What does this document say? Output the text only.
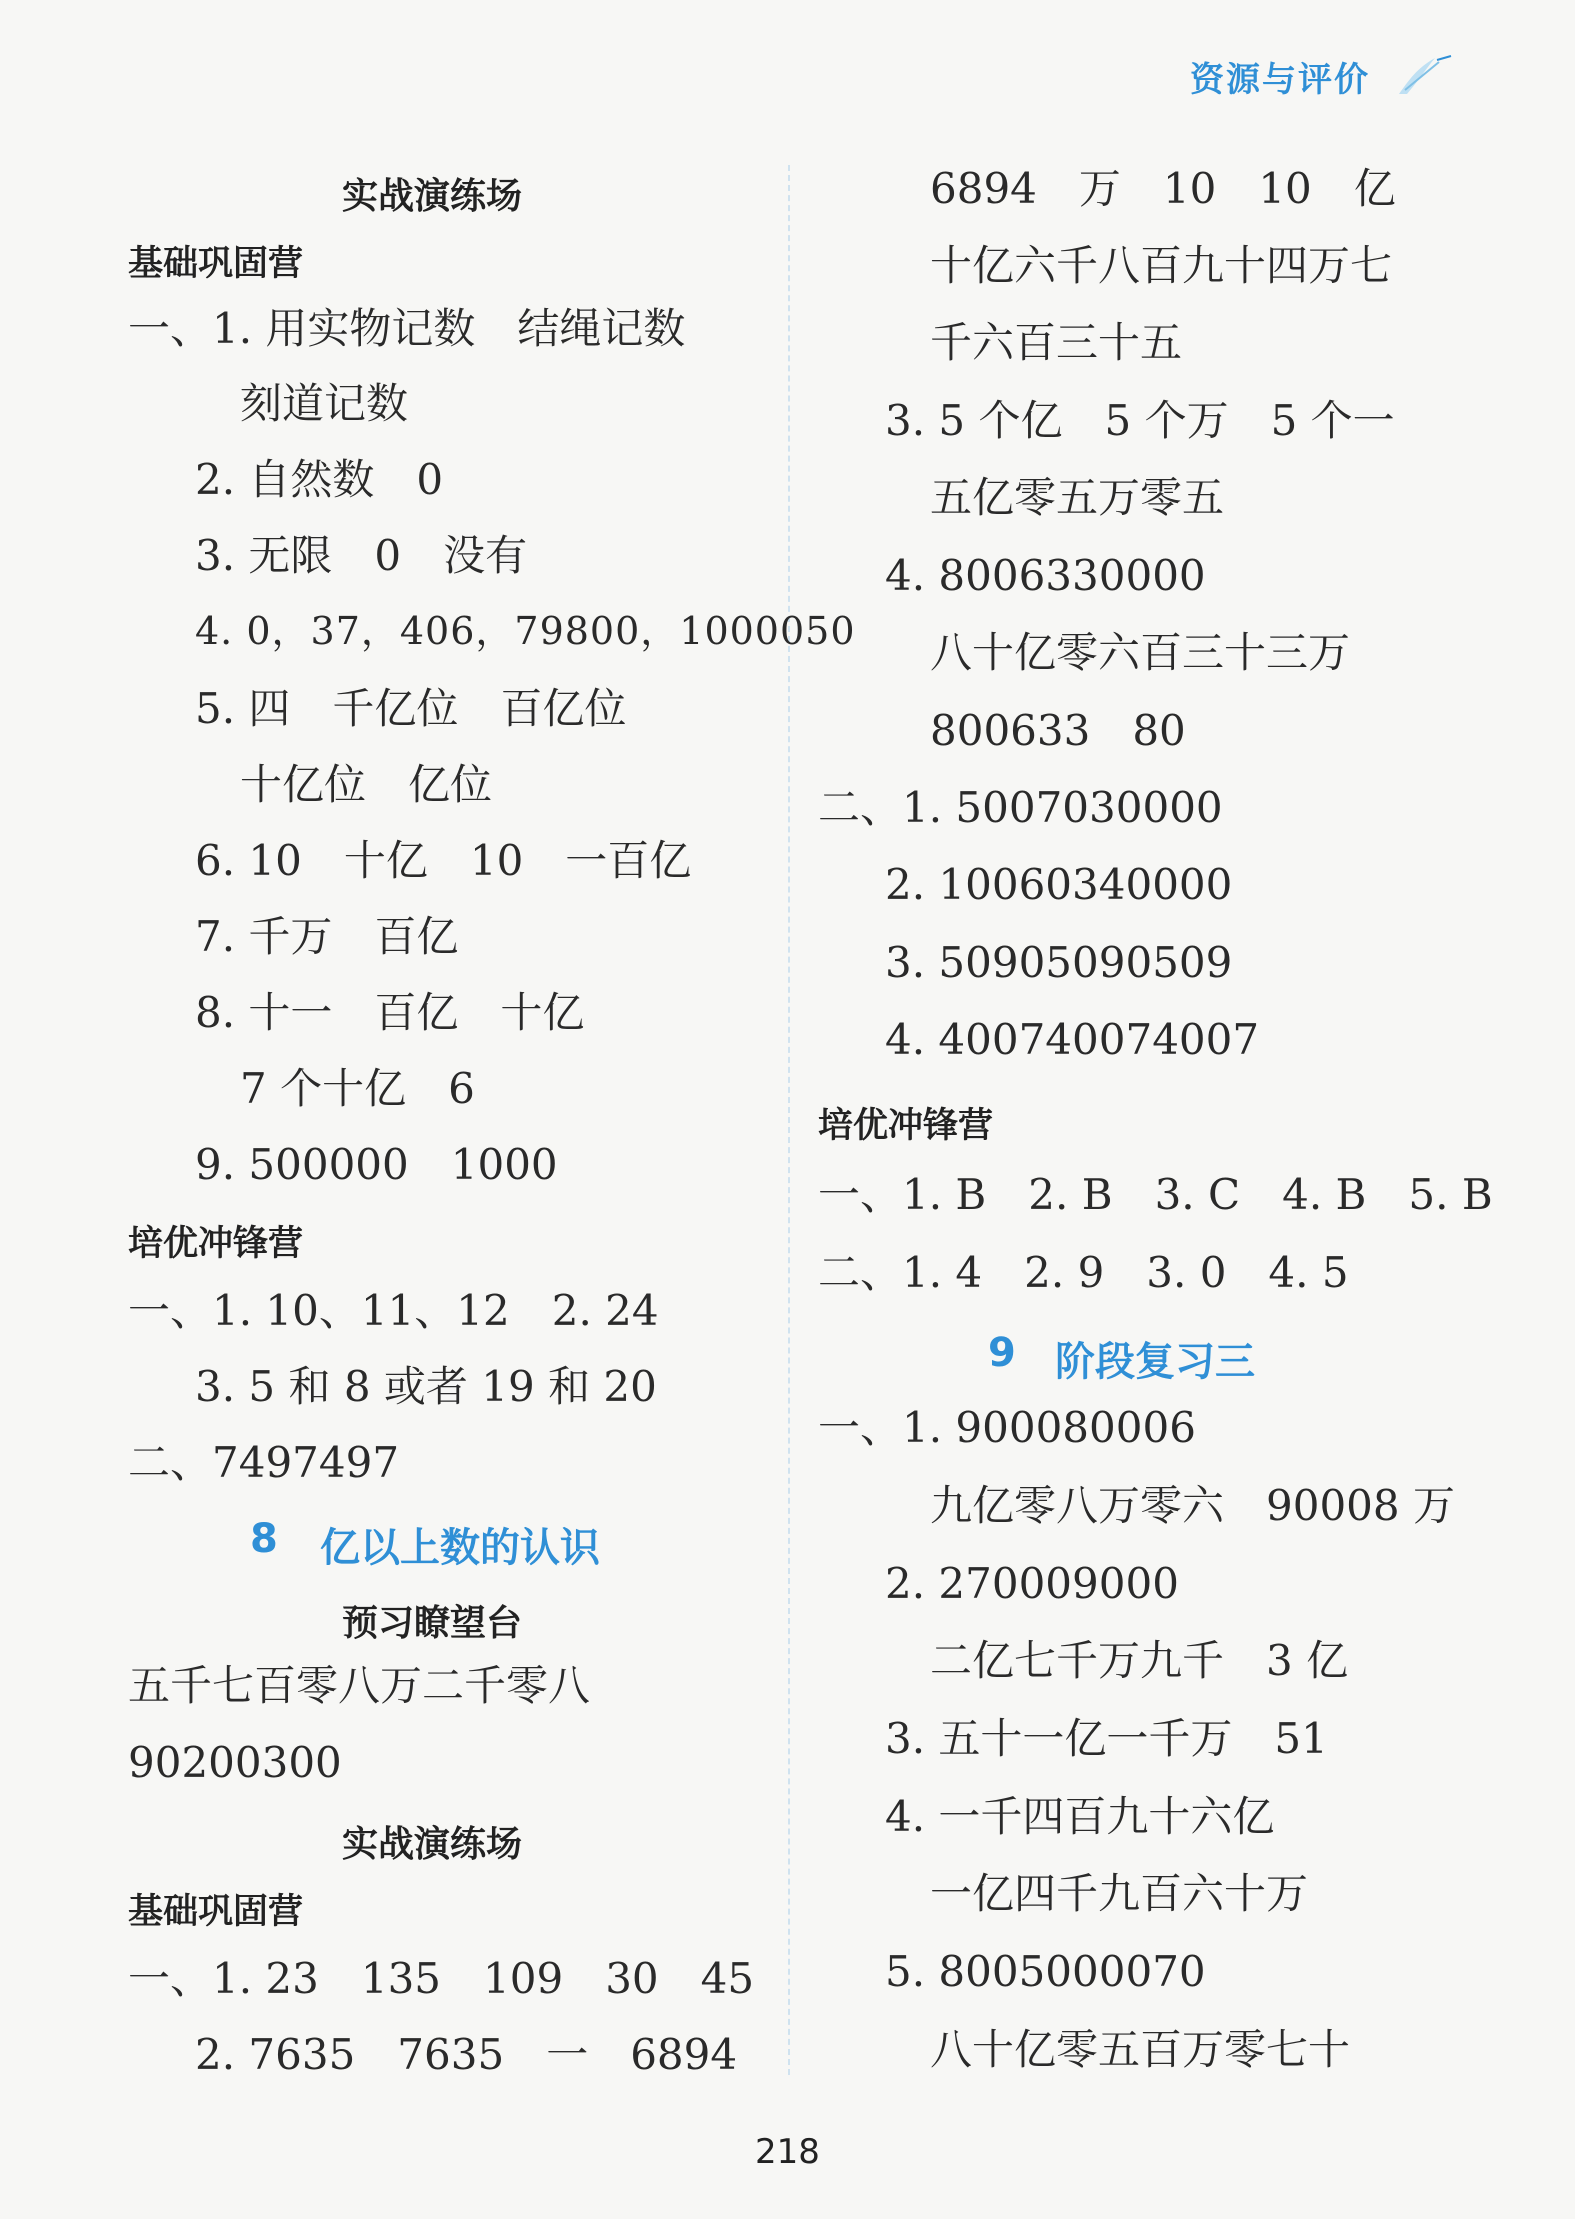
资源与评价
实战演练场
基础巩固营
一、1. 用实物记数　结绳记数
刻道记数
2. 自然数　0
3. 无限　0　没有
4. 0，37，406，79800，1000050
5. 四　千亿位　百亿位
十亿位　亿位
6. 10　十亿　10　一百亿
7. 千万　百亿
8. 十一　百亿　十亿
7 个十亿　6
9. 500000　1000
培优冲锋营
一、1. 10、11、12　2. 24
3. 5 和 8 或者 19 和 20
二、7497497
8 亿以上数的认识
预习瞭望台
五千七百零八万二千零八
90200300
实战演练场
基础巩固营
一、1. 23　135　109　30　45
2. 7635　7635　一　6894
6894　万　10　10　亿
十亿六千八百九十四万七
千六百三十五
3. 5 个亿　5 个万　5 个一
五亿零五万零五
4. 8006330000
八十亿零六百三十三万
800633　80
二、1. 5007030000
2. 10060340000
3. 50905090509
4. 400740074007
培优冲锋营
一、1. B　2. B　3. C　4. B　5. B
二、1. 4　2. 9　3. 0　4. 5
9 阶段复习三
一、1. 900080006
九亿零八万零六　90008 万
2. 270009000
二亿七千万九千　3 亿
3. 五十一亿一千万　51
4. 一千四百九十六亿
一亿四千九百六十万
5. 8005000070
八十亿零五百万零七十
218
